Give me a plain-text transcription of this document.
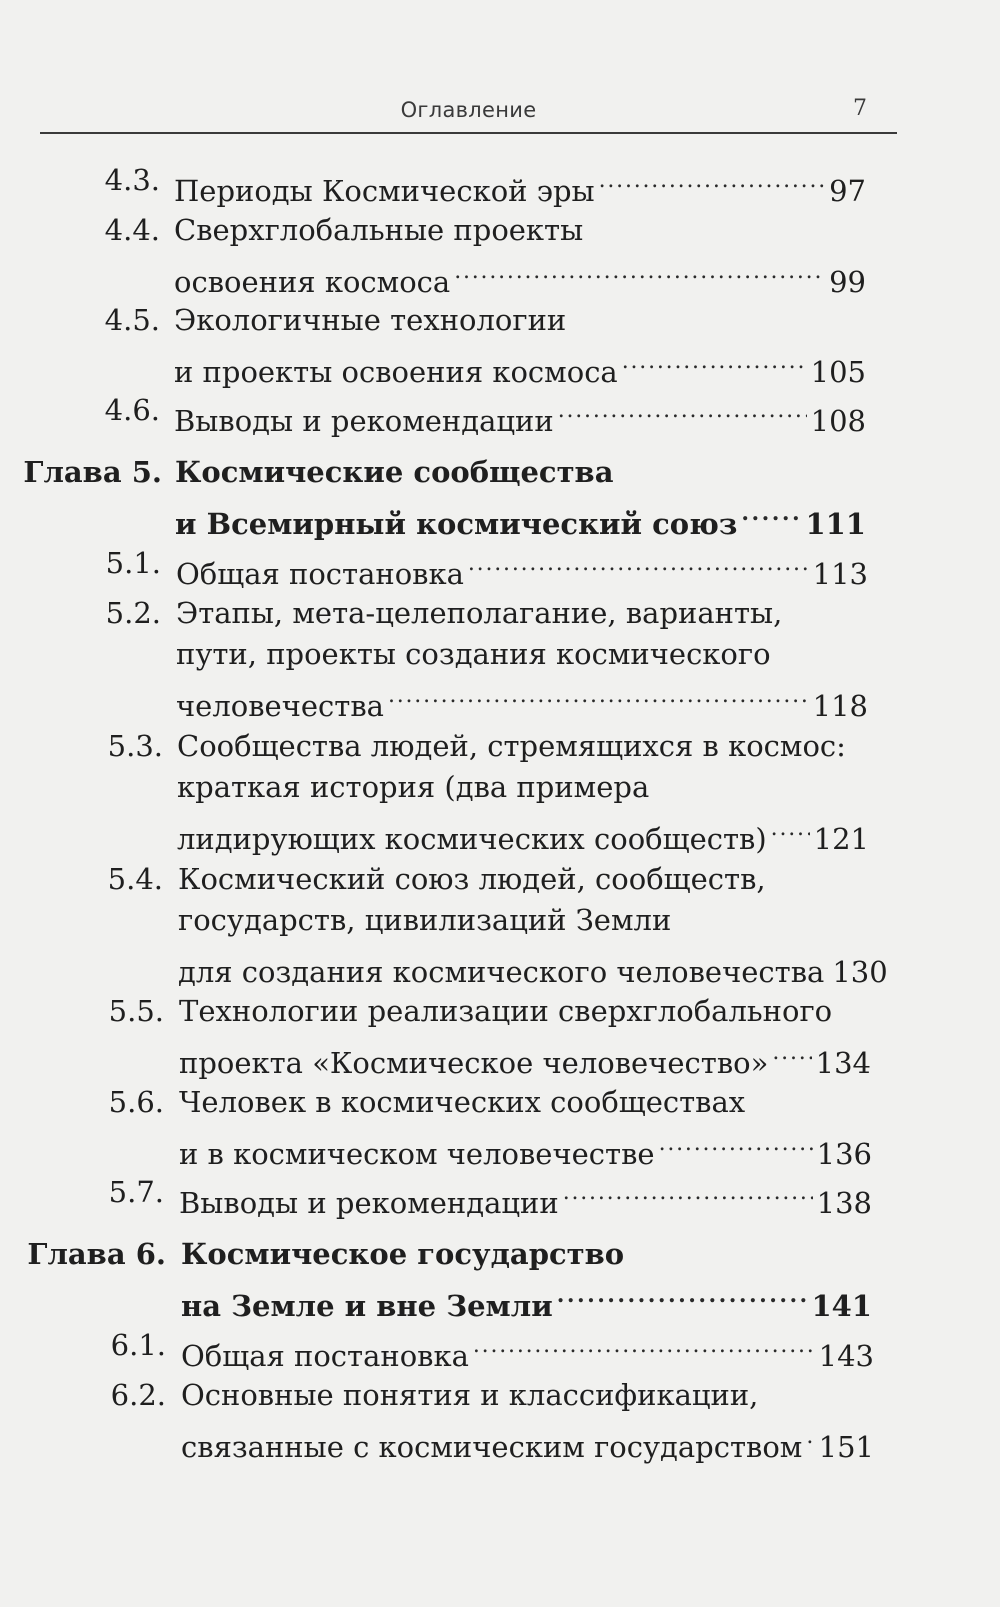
Оглавление	7
4.3. Периоды Космической эры . . .	97
4.4. Сверхглобальные проекты
освоения космоса . . .	99
4.5. Экологичные технологии
и проекты освоения космоса . . .	105
4.6. Выводы и рекомендации . . .	108
Глава 5. Космические сообщества
и Всемирный космический союз . . . 111
5.1. Общая постановка . . .	113
5.2. Этапы, мета-целеполагание, варианты,
пути, проекты создания космического
человечества . . .	118
5.3. Сообщества людей, стремящихся в космос:
краткая история (два примера
лидирующих космических сообществ) . . . 121
5.4. Космический союз людей, сообществ,
государств, цивилизаций Земли
для создания космического человечества 130
5.5. Технологии реализации сверхглобального
проекта «Космическое человечество» . . . 134
5.6. Человек в космических сообществах
и в космическом человечестве . . .	136
5.7. Выводы и рекомендации . . .	138
Глава 6. Космическое государство
на Земле и вне Земли . . .	141
6.1. Общая постановка . . .	143
6.2. Основные понятия и классификации,
связанные с космическим государством . . . 151
